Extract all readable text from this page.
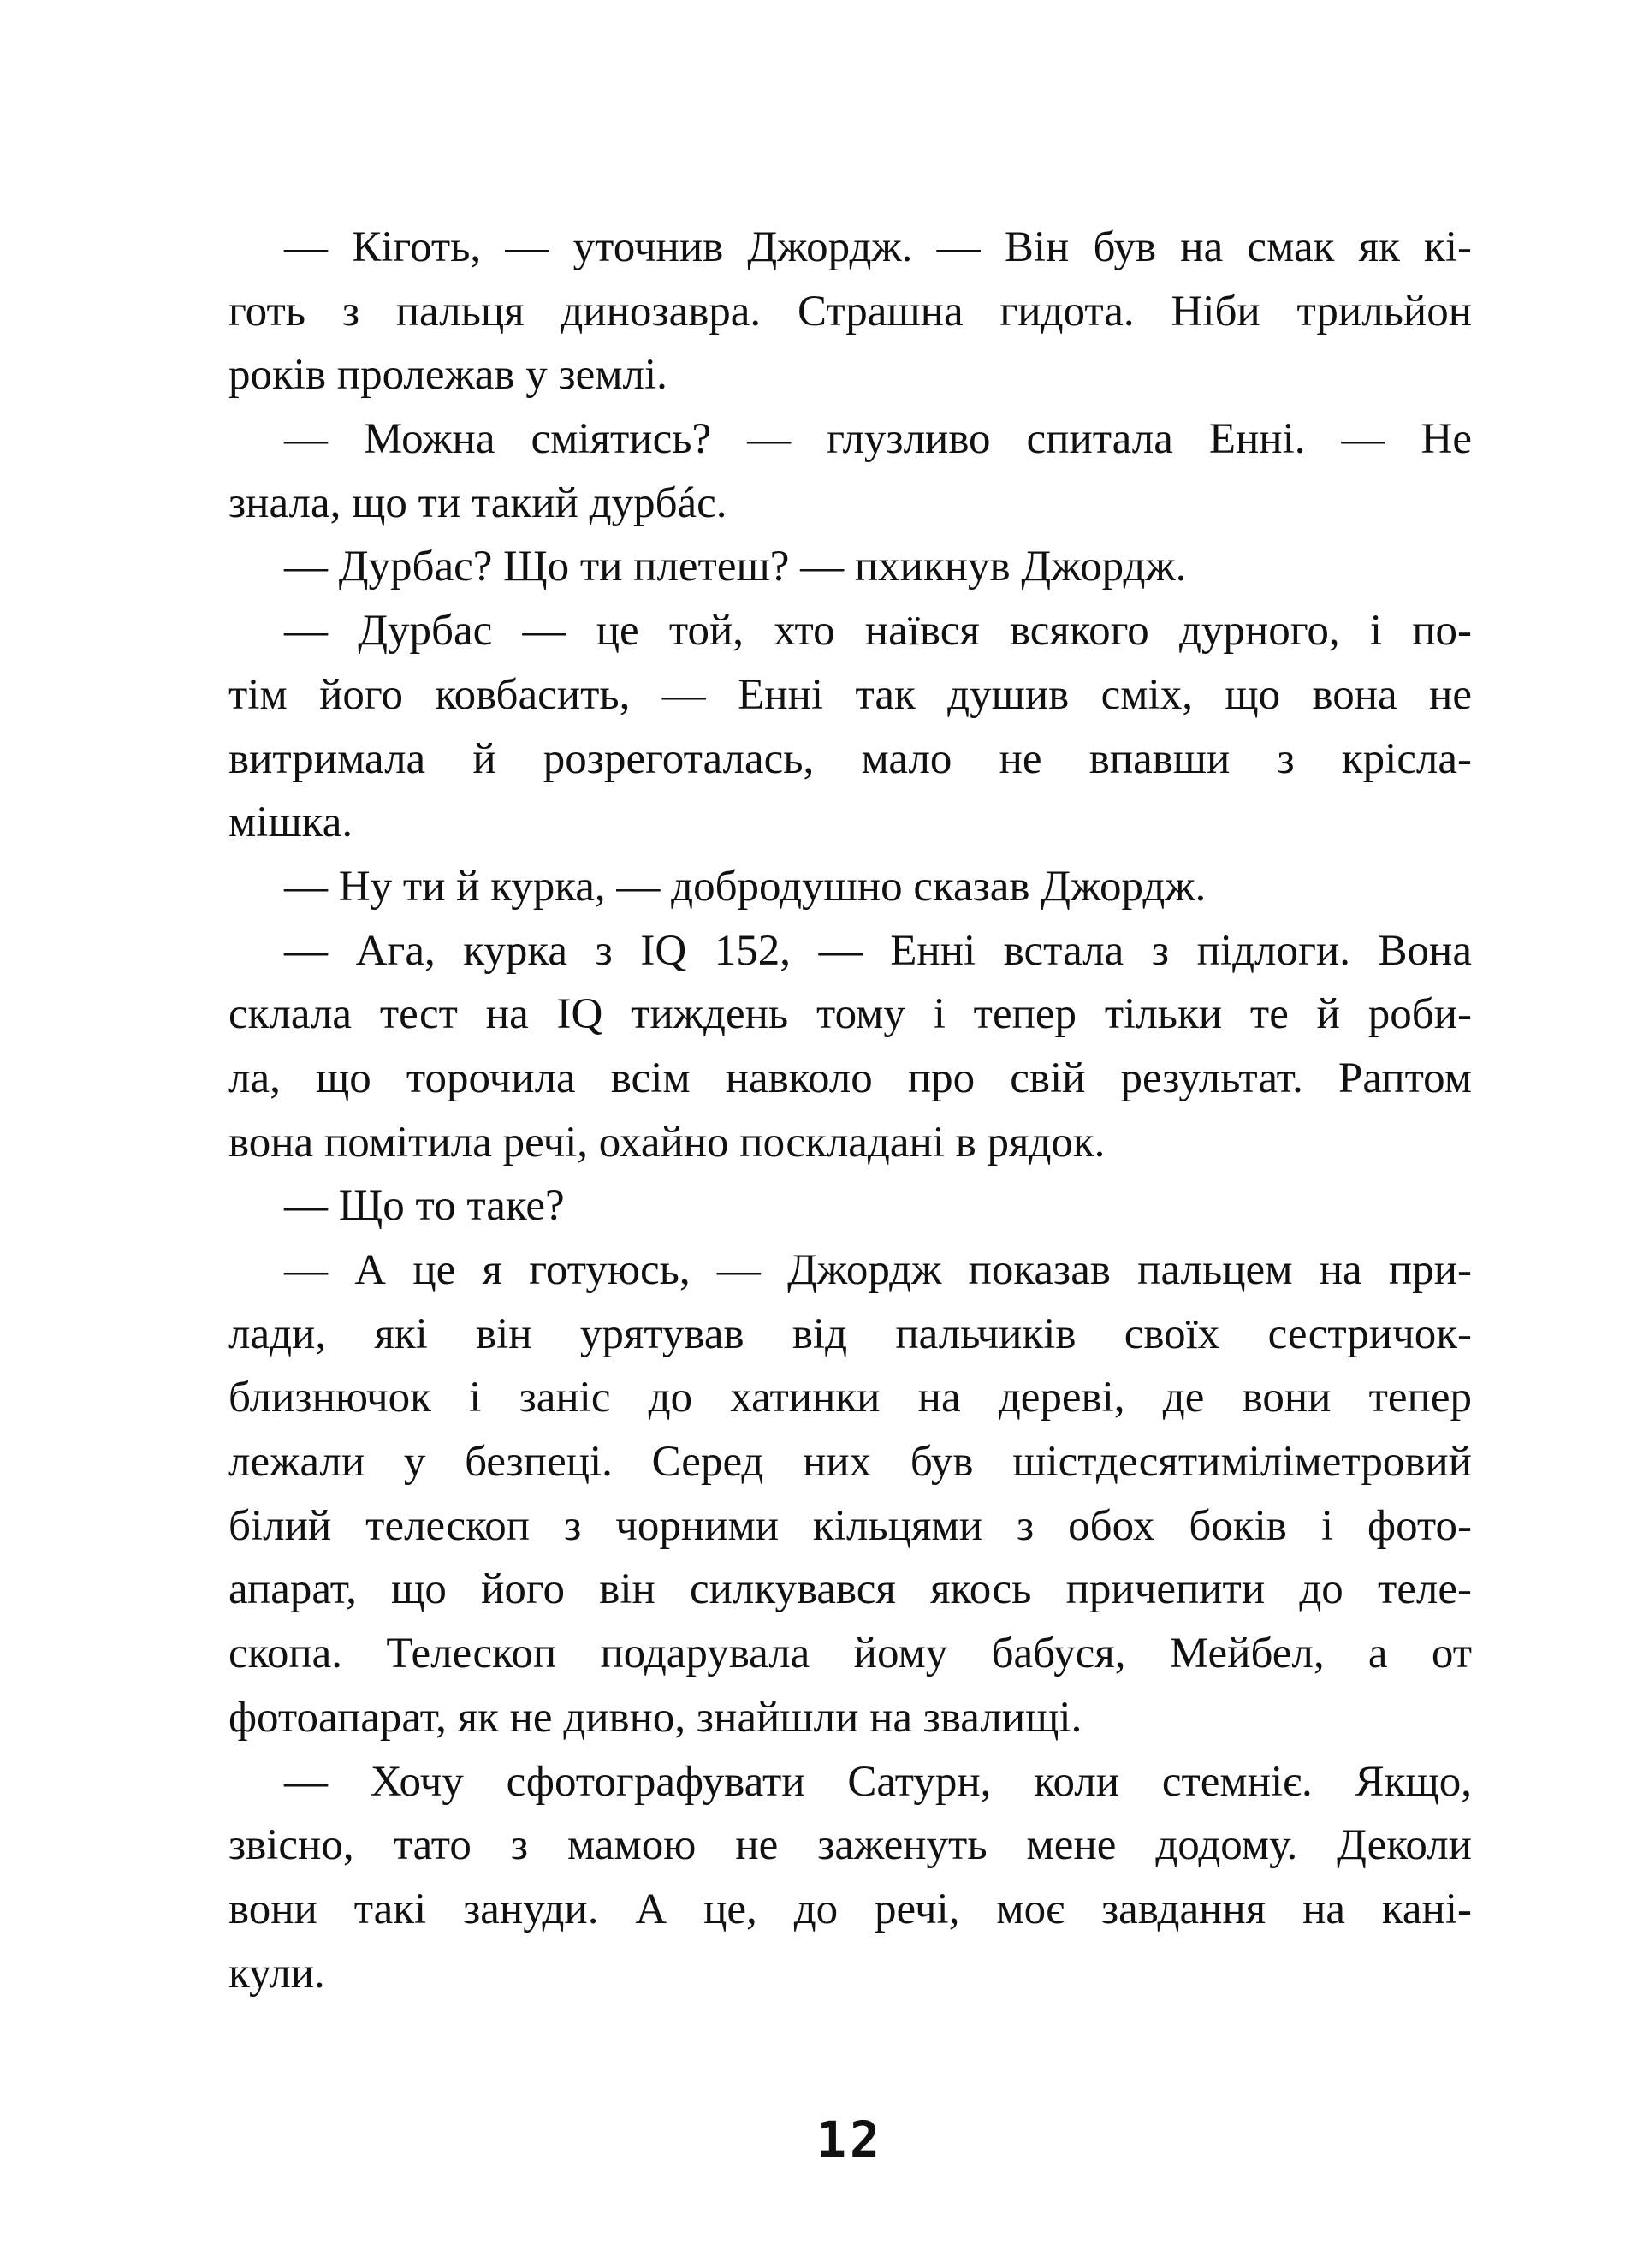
— Кіготь, — уточнив Джордж. — Він був на смак як кі-
готь з пальця динозавра. Страшна гидота. Ніби трильйон
років пролежав у землі.
— Можна сміятись? — глузливо спитала Енні. — Не
знала, що ти такий дурбáс.
— Дурбас? Що ти плетеш? — пхикнув Джордж.
— Дурбас — це той, хто наївся всякого дурного, і по-
тім його ковбасить, — Енні так душив сміх, що вона не
витримала й розреготалась, мало не впавши з крісла-
мішка.
— Ну ти й курка, — добродушно сказав Джордж.
— Ага, курка з IQ 152, — Енні встала з підлоги. Вона
склала тест на IQ тиждень тому і тепер тільки те й роби-
ла, що торочила всім навколо про свій результат. Раптом
вона помітила речі, охайно поскладані в рядок.
— Що то таке?
— А це я готуюсь, — Джордж показав пальцем на при-
лади, які він урятував від пальчиків своїх сестричок-
близнючок і заніс до хатинки на дереві, де вони тепер
лежали у безпеці. Серед них був шістдесятиміліметровий
білий телескоп з чорними кільцями з обох боків і фото-
апарат, що його він силкувався якось причепити до теле-
скопа. Телескоп подарувала йому бабуся, Мейбел, а от
фотоапарат, як не дивно, знайшли на звалищі.
— Хочу сфотографувати Сатурн, коли стемніє. Якщо,
звісно, тато з мамою не заженуть мене додому. Деколи
вони такі зануди. А це, до речі, моє завдання на кані-
кули.
12
